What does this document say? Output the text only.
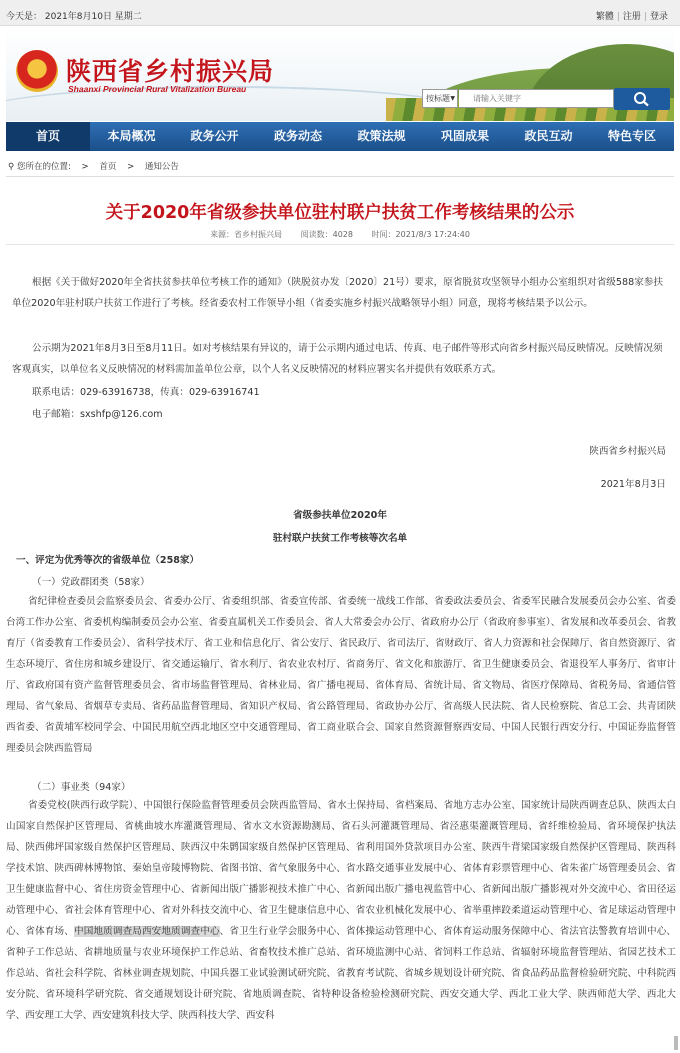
今天是： 2021年8月10日 星期二	繁體 | 注册 | 登录
陕西省乡村振兴局
Shaanxi Provincial Rural Vitalization Bureau
按标题 ▼
请输入关键字
首页	本局概况	政务公开	政务动态	政策法规	巩固成果	政民互动	特色专区
⚲ 您所在的位置: > 首页 > 通知公告
关于2020年省级参扶单位驻村联户扶贫工作考核结果的公示
来源：省乡村振兴局 阅读数：4028 时间：2021/8/3 17:24:40
根据《关于做好2020年全省扶贫参扶单位考核工作的通知》（陕脱贫办发〔2020〕21号）要求，原省脱贫攻坚领导小组办公室组织对省级588家参扶单位2020年驻村联户扶贫工作进行了考核。经省委农村工作领导小组（省委实施乡村振兴战略领导小组）同意，现将考核结果予以公示。
公示期为2021年8月3日至8月11日。如对考核结果有异议的，请于公示期内通过电话、传真、电子邮件等形式向省乡村振兴局反映情况。反映情况须客观真实，以单位名义反映情况的材料需加盖单位公章，以个人名义反映情况的材料应署实名并提供有效联系方式。
联系电话：029-63916738，传真：029-63916741
电子邮箱：sxshfp@126.com
陕西省乡村振兴局
2021年8月3日
省级参扶单位2020年
驻村联户扶贫工作考核等次名单
一、评定为优秀等次的省级单位（258家）
（一）党政群团类（58家）
省纪律检查委员会监察委员会、省委办公厅、省委组织部、省委宣传部、省委统一战线工作部、省委政法委员会、省委军民融合发展委员会办公室、省委台湾工作办公室、省委机构编制委员会办公室、省委直属机关工作委员会、省人大常委会办公厅、省政府办公厅（省政府参事室）、省发展和改革委员会、省教育厅（省委教育工作委员会）、省科学技术厅、省工业和信息化厅、省公安厅、省民政厅、省司法厅、省财政厅、省人力资源和社会保障厅、省自然资源厅、省生态环境厅、省住房和城乡建设厅、省交通运输厅、省水利厅、省农业农村厅、省商务厅、省文化和旅游厅、省卫生健康委员会、省退役军人事务厅、省审计厅、省政府国有资产监督管理委员会、省市场监督管理局、省林业局、省广播电视局、省体育局、省统计局、省文物局、省医疗保障局、省税务局、省通信管理局、省气象局、省烟草专卖局、省药品监督管理局、省知识产权局、省公路管理局、省政协办公厅、省高级人民法院、省人民检察院、省总工会、共青团陕西省委、省黄埔军校同学会、中国民用航空西北地区空中交通管理局、省工商业联合会、国家自然资源督察西安局、中国人民银行西安分行、中国证券监督管理委员会陕西监管局
（二）事业类（94家）
省委党校(陕西行政学院）、中国银行保险监督管理委员会陕西监管局、省水土保持局、省档案局、省地方志办公室、国家统计局陕西调查总队、陕西太白山国家自然保护区管理局、省桃曲坡水库灌溉管理局、省水文水资源勘测局、省石头河灌溉管理局、省泾惠渠灌溉管理局、省纤维检验局、省环境保护执法局、陕西佛坪国家级自然保护区管理局、陕西汉中朱鹮国家级自然保护区管理局、省利用国外贷款项目办公室、陕西牛背梁国家级自然保护区管理局、陕西科学技术馆、陕西碑林博物馆、秦始皇帝陵博物院、省图书馆、省气象服务中心、省水路交通事业发展中心、省体育彩票管理中心、省朱雀广场管理委员会、省卫生健康监督中心、省住房资金管理中心、省新闻出版广播影视技术推广中心、省新闻出版广播电视监管中心、省新闻出版广播影视对外交流中心、省田径运动管理中心、省社会体育管理中心、省对外科技交流中心、省卫生健康信息中心、省农业机械化发展中心、省举重摔跤柔道运动管理中心、省足球运动管理中心、省体育场、中国地质调查局西安地质调查中心、省卫生行业学会服务中心、省体操运动管理中心、省体育运动服务保障中心、省法官法警教育培训中心、省种子工作总站、省耕地质量与农业环境保护工作总站、省畜牧技术推广总站、省环境监测中心站、省饲料工作总站、省辐射环境监督管理站、省园艺技术工作总站、省社会科学院、省林业调查规划院、中国兵器工业试验测试研究院、省教育考试院、省城乡规划设计研究院、省食品药品监督检验研究院、中科院西安分院、省环境科学研究院、省交通规划设计研究院、省地质调查院、省特种设备检验检测研究院、西安交通大学、西北工业大学、陕西师范大学、西北大学、西安理工大学、西安建筑科技大学、陕西科技大学、西安科
